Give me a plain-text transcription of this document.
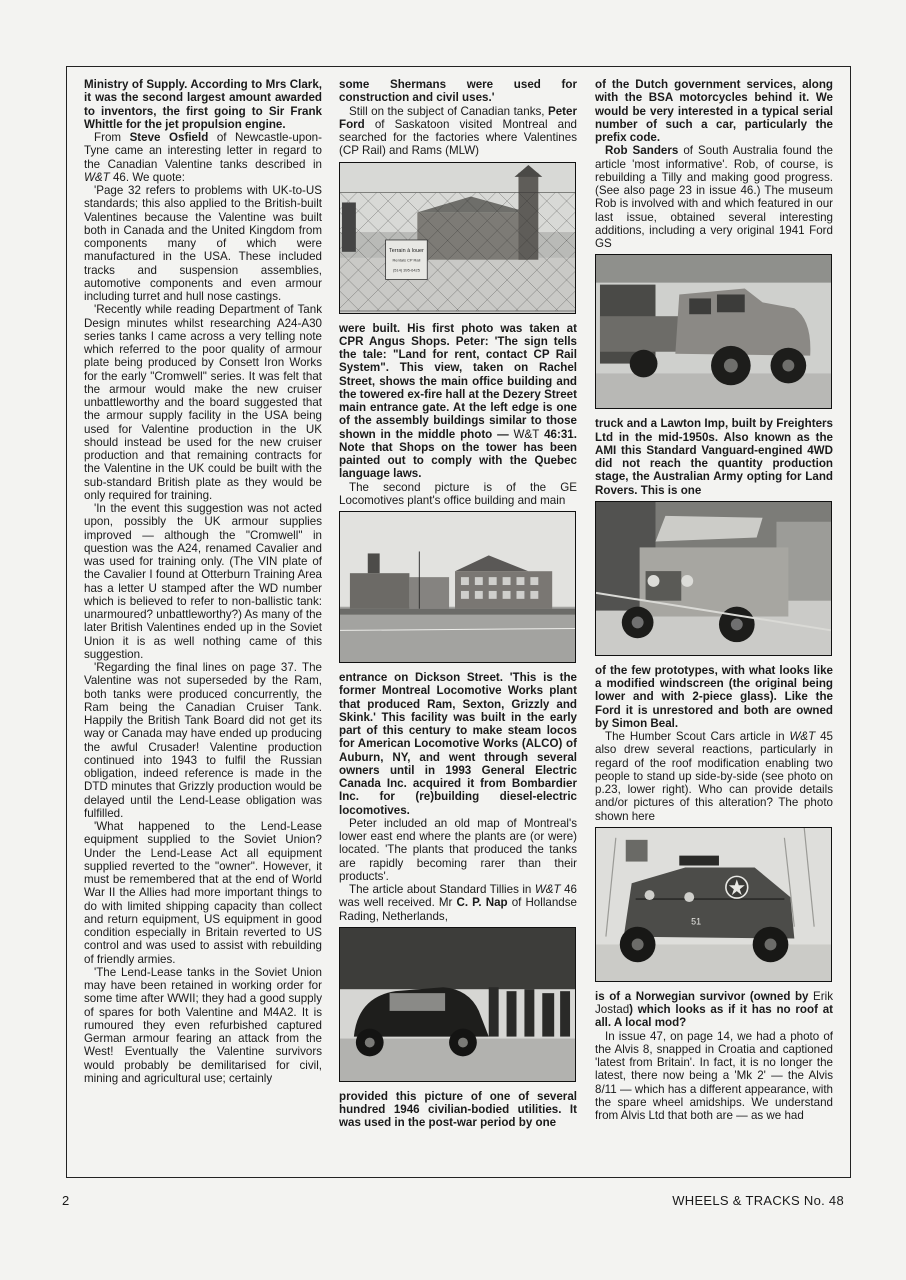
Ministry of Supply. According to Mrs Clark, it was the second largest amount awarded to inventors, the first going to Sir Frank Whittle for the jet propulsion engine.

From Steve Osfield of Newcastle-upon-Tyne came an interesting letter in regard to the Canadian Valentine tanks described in W&T 46. We quote:

'Page 32 refers to problems with UK-to-US standards; this also applied to the British-built Valentines because the Valentine was built both in Canada and the United Kingdom from components many of which were manufactured in the USA. These included tracks and suspension assemblies, automotive components and even armour including turret and hull nose castings.

'Recently while reading Department of Tank Design minutes whilst researching A24-A30 series tanks I came across a very telling note which referred to the poor quality of armour plate being produced by Consett Iron Works for the early "Cromwell" series. It was felt that the armour would make the new cruiser unbattleworthy and the board suggested that the armour supply facility in the USA being used for Valentine production in the UK should instead be used for the new cruiser production and that remaining contracts for the Valentine in the UK could be built with the sub-standard British plate as they would be only required for training.

'In the event this suggestion was not acted upon, possibly the UK armour supplies improved — although the "Cromwell" in question was the A24, renamed Cavalier and was used for training only. (The VIN plate of the Cavalier I found at Otterburn Training Area has a letter U stamped after the WD number which is believed to refer to non-ballistic tank: unarmoured? unbattleworthy?) As many of the later British Valentines ended up in the Soviet Union it is as well nothing came of this suggestion.

'Regarding the final lines on page 37. The Valentine was not superseded by the Ram, both tanks were produced concurrently, the Ram being the Canadian Cruiser Tank. Happily the British Tank Board did not get its way or Canada may have ended up producing the awful Crusader! Valentine production continued into 1943 to fulfil the Russian obligation, indeed reference is made in the DTD minutes that Grizzly production would be delayed until the Lend-Lease obligation was fulfilled.

'What happened to the Lend-Lease equipment supplied to the Soviet Union? Under the Lend-Lease Act all equipment supplied reverted to the "owner". However, it must be remembered that at the end of World War II the Allies had more important things to do with limited shipping capacity than collect and return equipment, US equipment in good condition especially in Britain reverted to US control and was used to assist with rebuilding of friendly armies.

'The Lend-Lease tanks in the Soviet Union may have been retained in working order for some time after WWII; they had a good supply of spares for both Valentine and M4A2. It is rumoured they even refurbished captured German armour fearing an attack from the West! Eventually the Valentine survivors would probably be demilitarised for civil, mining and agricultural use; certainly

some Shermans were used for construction and civil uses.'

Still on the subject of Canadian tanks, Peter Ford of Saskatoon visited Montreal and searched for the factories where Valentines (CP Rail) and Rams (MLW)

Terrain à louer
Rentals CP Rail
(514) 395-6425

were built. His first photo was taken at CPR Angus Shops. Peter: 'The sign tells the tale: "Land for rent, contact CP Rail System". This view, taken on Rachel Street, shows the main office building and the towered ex-fire hall at the Dezery Street main entrance gate. At the left edge is one of the assembly buildings similar to those shown in the middle photo — W&T 46:31. Note that Shops on the tower has been painted out to comply with the Quebec language laws.

The second picture is of the GE Locomotives plant's office building and main

entrance on Dickson Street. 'This is the former Montreal Locomotive Works plant that produced Ram, Sexton, Grizzly and Skink.' This facility was built in the early part of this century to make steam locos for American Locomotive Works (ALCO) of Auburn, NY, and went through several owners until in 1993 General Electric Canada Inc. acquired it from Bombardier Inc. for (re)building diesel-electric locomotives.

Peter included an old map of Montreal's lower east end where the plants are (or were) located. 'The plants that produced the tanks are rapidly becoming rarer than their products'.

The article about Standard Tillies in W&T 46 was well received. Mr C. P. Nap of Hollandse Rading, Netherlands,

provided this picture of one of several hundred 1946 civilian-bodied utilities. It was used in the post-war period by one

of the Dutch government services, along with the BSA motorcycles behind it. We would be very interested in a typical serial number of such a car, particularly the prefix code.

Rob Sanders of South Australia found the article 'most informative'. Rob, of course, is rebuilding a Tilly and making good progress. (See also page 23 in issue 46.) The museum Rob is involved with and which featured in our last issue, obtained several interesting additions, including a very original 1941 Ford GS

truck and a Lawton Imp, built by Freighters Ltd in the mid-1950s. Also known as the AMI this Standard Vanguard-engined 4WD did not reach the quantity production stage, the Australian Army opting for Land Rovers. This is one

of the few prototypes, with what looks like a modified windscreen (the original being lower and with 2-piece glass). Like the Ford it is unrestored and both are owned by Simon Beal.

The Humber Scout Cars article in W&T 45 also drew several reactions, particularly in regard of the roof modification enabling two people to stand up side-by-side (see photo on p.23, lower right). Who can provide details and/or pictures of this alteration? The photo shown here

51

is of a Norwegian survivor (owned by Erik Jostad) which looks as if it has no roof at all. A local mod?

In issue 47, on page 14, we had a photo of the Alvis 8, snapped in Croatia and captioned 'latest from Britain'. In fact, it is no longer the latest, there now being a 'Mk 2' — the Alvis 8/11 — which has a different appearance, with the spare wheel amidships. We understand from Alvis Ltd that both are — as we had

2	WHEELS & TRACKS No. 48
